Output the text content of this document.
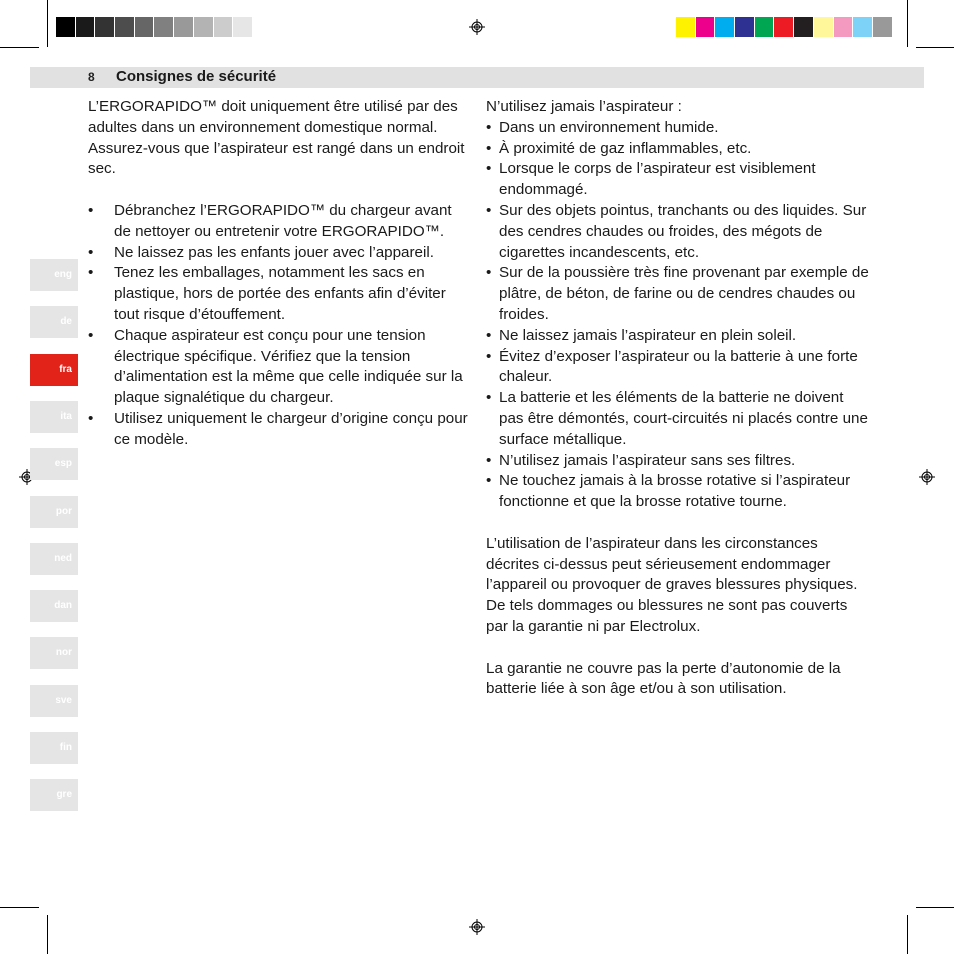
8 Consignes de sécurité
eng
de
fra
ita
esp
por
ned
dan
nor
sve
fin
gre

L’ERGORAPIDO™ doit uniquement être utilisé par des adultes dans un environnement domestique normal. Assurez-vous que l’aspirateur est rangé dans un endroit sec.

• Débranchez l’ERGORAPIDO™ du chargeur avant de nettoyer ou entretenir votre ERGORAPIDO™.
• Ne laissez pas les enfants jouer avec l’appareil.
• Tenez les emballages, notamment les sacs en plastique, hors de portée des enfants afin d’éviter tout risque d’étouffement.
• Chaque aspirateur est conçu pour une tension électrique spécifique. Vérifiez que la tension d’alimentation est la même que celle indiquée sur la plaque signalétique du chargeur.
• Utilisez uniquement le chargeur d’origine conçu pour ce modèle.

N’utilisez jamais l’aspirateur :

• Dans un environnement humide.
• À proximité de gaz inflammables, etc.
• Lorsque le corps de l’aspirateur est visiblement endommagé.
• Sur des objets pointus, tranchants ou des liquides. Sur des cendres chaudes ou froides, des mégots de cigarettes incandescents, etc.
• Sur de la poussière très fine provenant par exemple de plâtre, de béton, de farine ou de cendres chaudes ou froides.
• Ne laissez jamais l’aspirateur en plein soleil.
• Évitez d’exposer l’aspirateur ou la batterie à une forte chaleur.
• La batterie et les éléments de la batterie ne doivent pas être démontés, court-circuités ni placés contre une surface métallique.
• N’utilisez jamais l’aspirateur sans ses filtres.
• Ne touchez jamais à la brosse rotative si l’aspirateur fonctionne et que la brosse rotative tourne.

L’utilisation de l’aspirateur dans les circonstances décrites ci-dessus peut sérieusement endommager l’appareil ou provoquer de graves blessures physiques. De tels dommages ou blessures ne sont pas couverts par la garantie ni par Electrolux.

La garantie ne couvre pas la perte d’autonomie de la batterie liée à son âge et/ou à son utilisation.
